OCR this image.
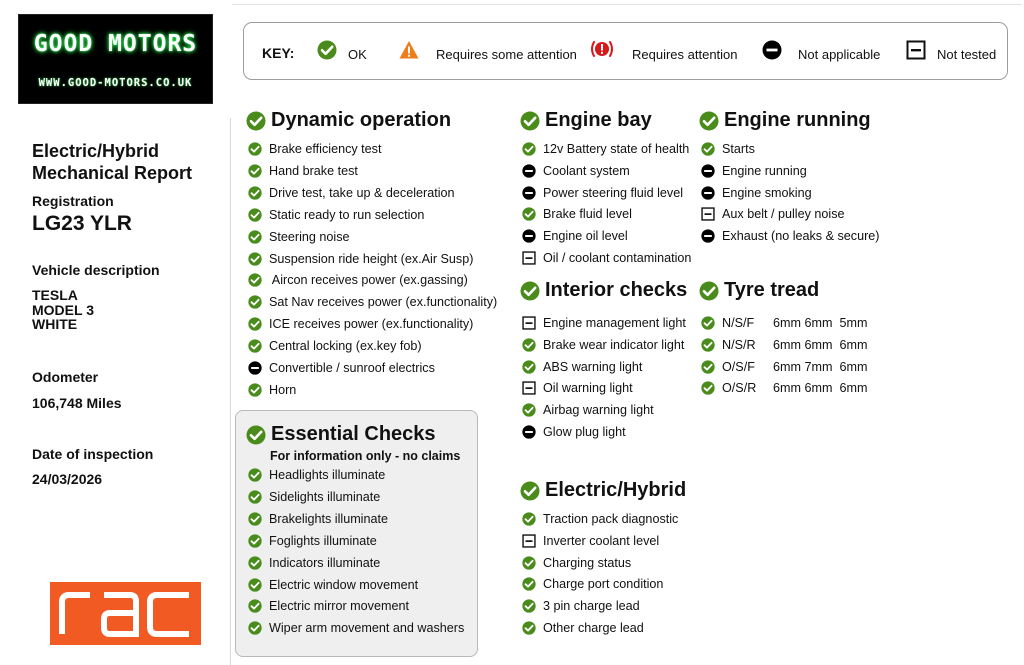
GOOD MOTORS
WWW.GOOD-MOTORS.CO.UK
KEY:	OK	Requires some attention	Requires attention	Not applicable	Not tested
Electric/Hybrid
Mechanical Report
Registration
LG23 YLR
Vehicle description
TESLA
MODEL 3
WHITE
Odometer
106,748 Miles
Date of inspection
24/03/2026
For information only - no claims
Dynamic operation
Brake efficiency test
Hand brake test
Drive test, take up & deceleration
Static ready to run selection
Steering noise
Suspension ride height (ex.Air Susp)
Aircon receives power (ex.gassing)
Sat Nav receives power (ex.functionality)
ICE receives power (ex.functionality)
Central locking (ex.key fob)
Convertible / sunroof electrics
Horn
Essential Checks
Headlights illuminate
Sidelights illuminate
Brakelights illuminate
Foglights illuminate
Indicators illuminate
Electric window movement
Electric mirror movement
Wiper arm movement and washers
Engine bay
12v Battery state of health
Coolant system
Power steering fluid level
Brake fluid level
Engine oil level
Oil / coolant contamination
Interior checks
Engine management light
Brake wear indicator light
ABS warning light
Oil warning light
Airbag warning light
Glow plug light
Electric/Hybrid
Traction pack diagnostic
Inverter coolant level
Charging status
Charge port condition
3 pin charge lead
Other charge lead
Engine running
Starts
Engine running
Engine smoking
Aux belt / pulley noise
Exhaust (no leaks & secure)
Tyre tread
N/S/F 6mm 6mm  5mm
N/S/R 6mm 6mm  6mm
O/S/F 6mm 7mm  6mm
O/S/R 6mm 6mm  6mm
